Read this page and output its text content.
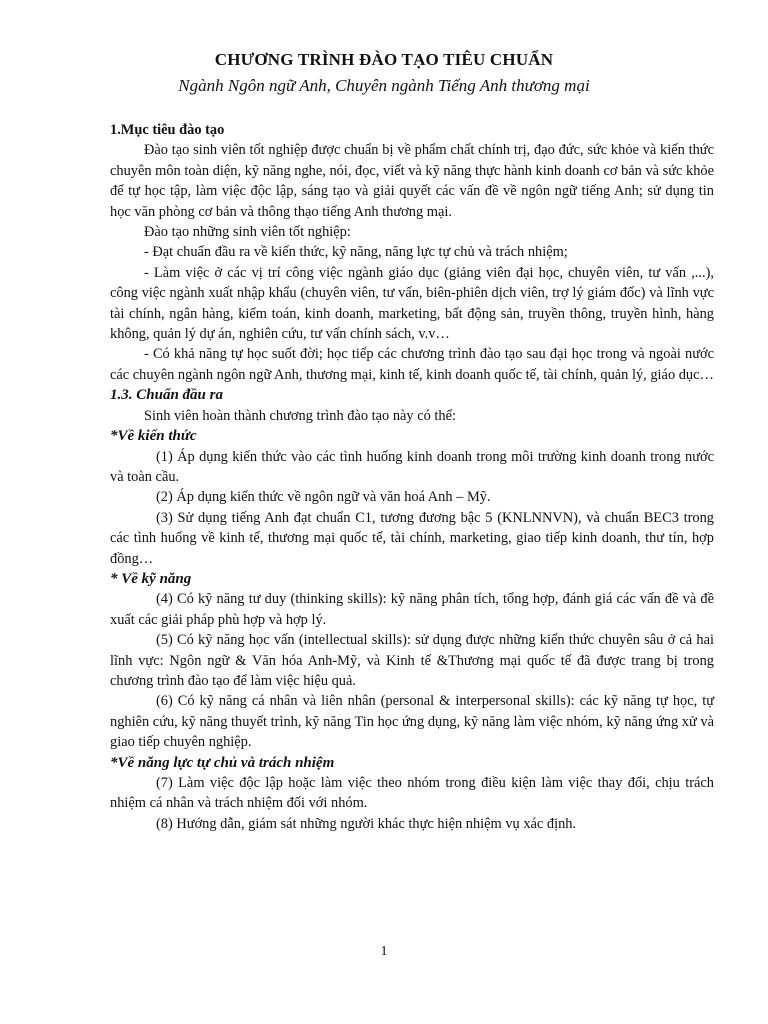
CHƯƠNG TRÌNH ĐÀO TẠO TIÊU CHUẨN
Ngành Ngôn ngữ Anh, Chuyên ngành Tiếng Anh thương mại

1.Mục tiêu đào tạo

Đào tạo sinh viên tốt nghiệp được chuẩn bị về phẩm chất chính trị, đạo đức, sức khỏe và kiến thức chuyên môn toàn diện, kỹ năng nghe, nói, đọc, viết và kỹ năng thực hành kinh doanh cơ bản và sức khỏe để tự học tập, làm việc độc lập, sáng tạo và giải quyết các vấn đề về ngôn ngữ tiếng Anh; sử dụng tin học văn phòng cơ bản và thông thạo tiếng Anh thương mại.

Đào tạo những sinh viên tốt nghiệp:

- Đạt chuẩn đầu ra về kiến thức, kỹ năng, năng lực tự chủ và trách nhiệm;

- Làm việc ở các vị trí công việc ngành giáo dục (giảng viên đại học, chuyên viên, tư vấn ,...), công việc ngành xuất nhập khẩu (chuyên viên, tư vấn, biên-phiên dịch viên, trợ lý giám đốc) và lĩnh vực tài chính, ngân hàng, kiểm toán, kinh doanh, marketing, bất động sản, truyền thông, truyền hình, hàng không, quản lý dự án, nghiên cứu, tư vấn chính sách, v.v…

- Có khả năng tự học suốt đời; học tiếp các chương trình đào tạo sau đại học trong và ngoài nước các chuyên ngành ngôn ngữ Anh, thương mại, kinh tế, kinh doanh quốc tế, tài chính, quản lý, giáo dục…

1.3. Chuẩn đầu ra

Sinh viên hoàn thành chương trình đào tạo này có thể:

*Về kiến thức

(1) Áp dụng kiến thức vào các tình huống kinh doanh trong môi trường kinh doanh trong nước và toàn cầu.

(2) Áp dụng kiến thức về ngôn ngữ và văn hoá Anh – Mỹ.

(3) Sử dụng tiếng Anh đạt chuẩn C1, tương đương bậc 5 (KNLNNVN), và chuẩn BEC3 trong các tình huống về kinh tế, thương mại quốc tế, tài chính, marketing, giao tiếp kinh doanh, thư tín, hợp đồng…

* Về kỹ năng

(4) Có kỹ năng tư duy (thinking skills): kỹ năng phân tích, tổng hợp, đánh giá các vấn đề và đề xuất các giải pháp phù hợp và hợp lý.

(5) Có kỹ năng học vấn (intellectual skills): sử dụng được những kiến thức chuyên sâu ở cả hai lĩnh vực: Ngôn ngữ & Văn hóa Anh-Mỹ, và Kinh tế &Thương mại quốc tế đã được trang bị trong chương trình đào tạo để làm việc hiệu quả.

(6) Có kỹ năng cá nhân và liên nhân (personal & interpersonal skills): các kỹ năng tự học, tự nghiên cứu, kỹ năng thuyết trình, kỹ năng Tin học ứng dụng, kỹ năng làm việc nhóm, kỹ năng ứng xử và giao tiếp chuyên nghiệp.

*Về năng lực tự chủ và trách nhiệm

(7) Làm việc độc lập hoặc làm việc theo nhóm trong điều kiện làm việc thay đổi, chịu trách nhiệm cá nhân và trách nhiệm đối với nhóm.

(8) Hướng dẫn, giám sát những người khác thực hiện nhiệm vụ xác định.

1
